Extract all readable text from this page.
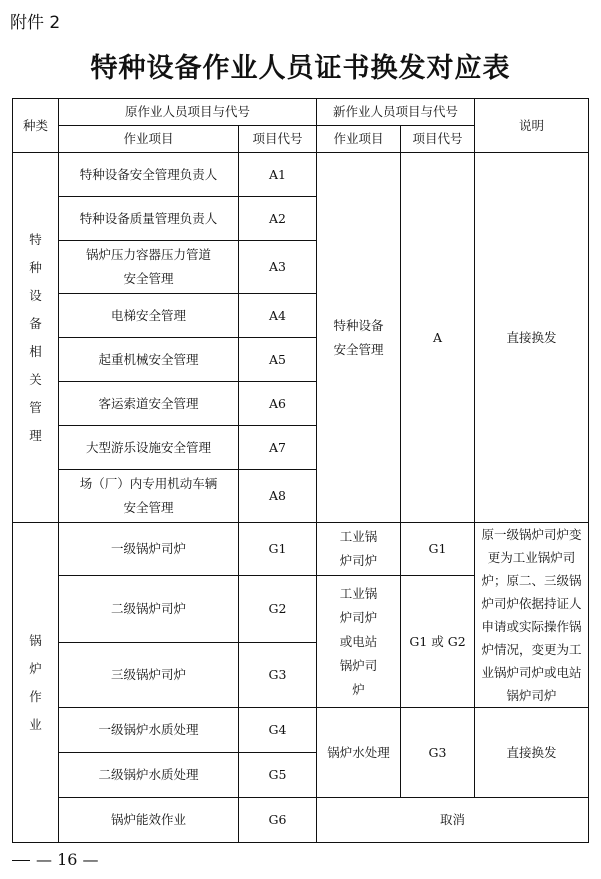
附件 2
特种设备作业人员证书换发对应表
种类	原作业人员项目与代号		新作业人员项目与代号		说明
	作业项目	项目代号	作业项目	项目代号	
特种设备相关管理	特种设备安全管理负责人	A1	特种设备安全管理	A	直接换发
	特种设备质量管理负责人	A2			
	锅炉压力容器压力管道安全管理	A3			
	电梯安全管理	A4			
	起重机械安全管理	A5			
	客运索道安全管理	A6			
	大型游乐设施安全管理	A7			
	场（厂）内专用机动车辆安全管理	A8			
锅炉作业	一级锅炉司炉	G1	工业锅炉司炉	G1	原一级锅炉司炉变更为工业锅炉司炉；原二、三级锅炉司炉依据持证人申请或实际操作锅炉情况，变更为工业锅炉司炉或电站锅炉司炉
	二级锅炉司炉	G2	工业锅炉司炉或电站锅炉司炉	G1 或 G2	
	三级锅炉司炉	G3			
	一级锅炉水质处理	G4	锅炉水处理	G3	直接换发
	二级锅炉水质处理	G5			
	锅炉能效作业	G6	取消		
— 16 —
